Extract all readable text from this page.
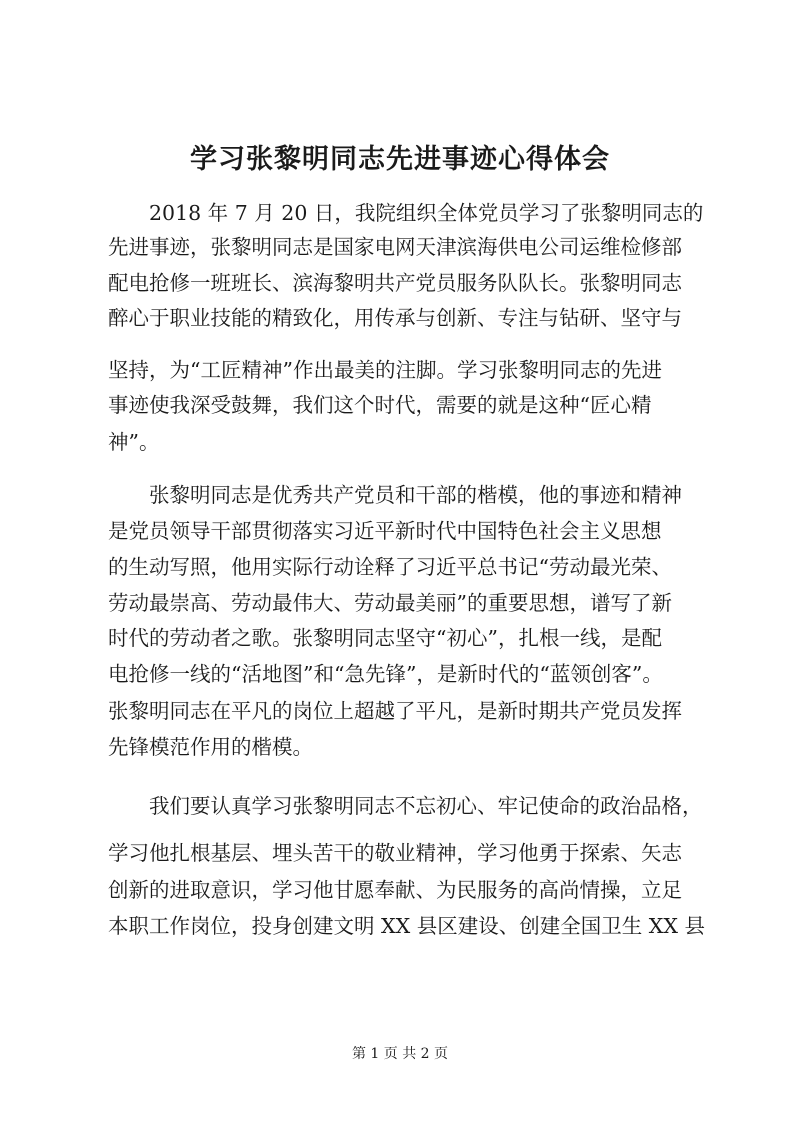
学习张黎明同志先进事迹心得体会

　　2018 年 7 月 20 日，我院组织全体党员学习了张黎明同志的

先进事迹，张黎明同志是国家电网天津滨海供电公司运维检修部

配电抢修一班班长、滨海黎明共产党员服务队队长。张黎明同志

醉心于职业技能的精致化，用传承与创新、专注与钻研、坚守与

坚持，为“工匠精神”作出最美的注脚。学习张黎明同志的先进

事迹使我深受鼓舞，我们这个时代，需要的就是这种“匠心精

神”。

　　张黎明同志是优秀共产党员和干部的楷模，他的事迹和精神

是党员领导干部贯彻落实习近平新时代中国特色社会主义思想

的生动写照，他用实际行动诠释了习近平总书记“劳动最光荣、

劳动最崇高、劳动最伟大、劳动最美丽”的重要思想，谱写了新

时代的劳动者之歌。张黎明同志坚守“初心”，扎根一线，是配

电抢修一线的“活地图”和“急先锋”，是新时代的“蓝领创客”。

张黎明同志在平凡的岗位上超越了平凡，是新时期共产党员发挥

先锋模范作用的楷模。

　　我们要认真学习张黎明同志不忘初心、牢记使命的政治品格，

学习他扎根基层、埋头苦干的敬业精神，学习他勇于探索、矢志

创新的进取意识，学习他甘愿奉献、为民服务的高尚情操，立足

本职工作岗位，投身创建文明 XX 县区建设、创建全国卫生 XX 县

第 1 页 共 2 页
